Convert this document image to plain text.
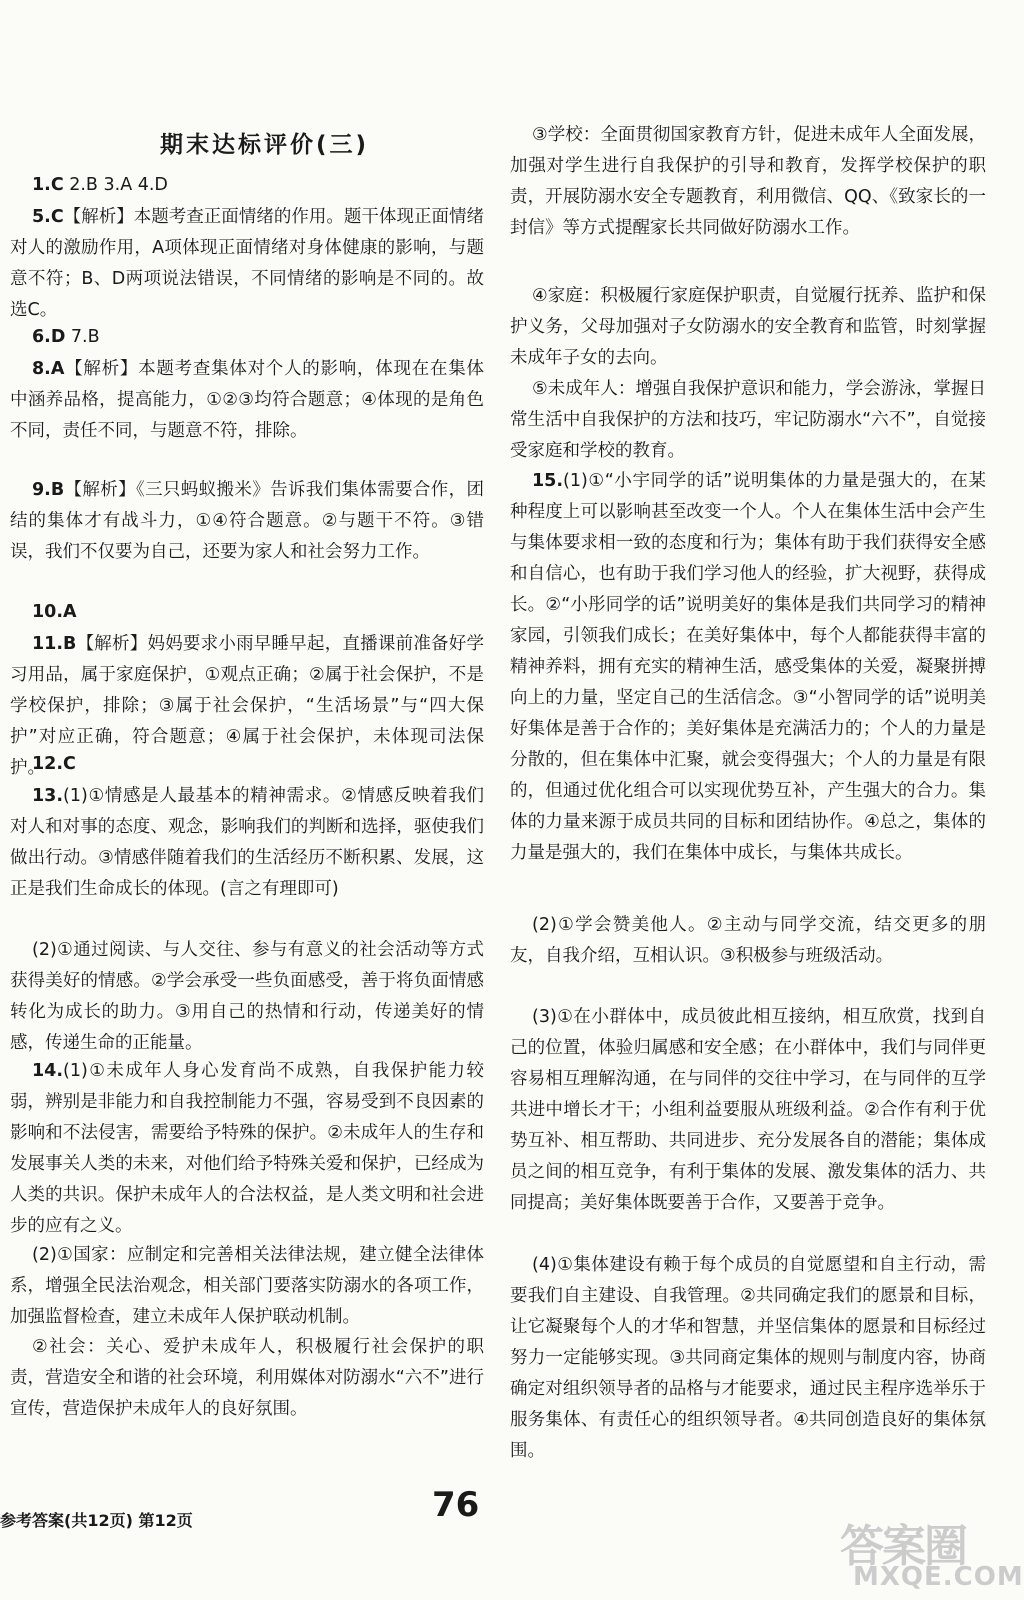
期末达标评价(三)

1.C 2.B 3.A 4.D

5.C【解析】本题考查正面情绪的作用。题干体现正面情绪对人的激励作用，A项体现正面情绪对身体健康的影响，与题意不符；B、D两项说法错误，不同情绪的影响是不同的。故选C。

6.D 7.B

8.A【解析】本题考查集体对个人的影响，体现在在集体中涵养品格，提高能力，①②③均符合题意；④体现的是角色不同，责任不同，与题意不符，排除。

9.B【解析】《三只蚂蚁搬米》告诉我们集体需要合作，团结的集体才有战斗力，①④符合题意。②与题干不符。③错误，我们不仅要为自己，还要为家人和社会努力工作。

10.A

11.B【解析】妈妈要求小雨早睡早起，直播课前准备好学习用品，属于家庭保护，①观点正确；②属于社会保护，不是学校保护，排除；③属于社会保护，“生活场景”与“四大保护”对应正确，符合题意；④属于社会保护，未体现司法保护。

12.C

13.(1)①情感是人最基本的精神需求。②情感反映着我们对人和对事的态度、观念，影响我们的判断和选择，驱使我们做出行动。③情感伴随着我们的生活经历不断积累、发展，这正是我们生命成长的体现。(言之有理即可)

(2)①通过阅读、与人交往、参与有意义的社会活动等方式获得美好的情感。②学会承受一些负面感受，善于将负面情感转化为成长的助力。③用自己的热情和行动，传递美好的情感，传递生命的正能量。

14.(1)①未成年人身心发育尚不成熟，自我保护能力较弱，辨别是非能力和自我控制能力不强，容易受到不良因素的影响和不法侵害，需要给予特殊的保护。②未成年人的生存和发展事关人类的未来，对他们给予特殊关爱和保护，已经成为人类的共识。保护未成年人的合法权益，是人类文明和社会进步的应有之义。

(2)①国家：应制定和完善相关法律法规，建立健全法律体系，增强全民法治观念，相关部门要落实防溺水的各项工作，加强监督检查，建立未成年人保护联动机制。

②社会：关心、爱护未成年人，积极履行社会保护的职责，营造安全和谐的社会环境，利用媒体对防溺水“六不”进行宣传，营造保护未成年人的良好氛围。

③学校：全面贯彻国家教育方针，促进未成年人全面发展，加强对学生进行自我保护的引导和教育，发挥学校保护的职责，开展防溺水安全专题教育，利用微信、QQ、《致家长的一封信》等方式提醒家长共同做好防溺水工作。

④家庭：积极履行家庭保护职责，自觉履行抚养、监护和保护义务，父母加强对子女防溺水的安全教育和监管，时刻掌握未成年子女的去向。

⑤未成年人：增强自我保护意识和能力，学会游泳，掌握日常生活中自我保护的方法和技巧，牢记防溺水“六不”，自觉接受家庭和学校的教育。

15.(1)①“小宇同学的话”说明集体的力量是强大的，在某种程度上可以影响甚至改变一个人。个人在集体生活中会产生与集体要求相一致的态度和行为；集体有助于我们获得安全感和自信心，也有助于我们学习他人的经验，扩大视野，获得成长。②“小彤同学的话”说明美好的集体是我们共同学习的精神家园，引领我们成长；在美好集体中，每个人都能获得丰富的精神养料，拥有充实的精神生活，感受集体的关爱，凝聚拼搏向上的力量，坚定自己的生活信念。③“小智同学的话”说明美好集体是善于合作的；美好集体是充满活力的；个人的力量是分散的，但在集体中汇聚，就会变得强大；个人的力量是有限的，但通过优化组合可以实现优势互补，产生强大的合力。集体的力量来源于成员共同的目标和团结协作。④总之，集体的力量是强大的，我们在集体中成长，与集体共成长。

(2)①学会赞美他人。②主动与同学交流，结交更多的朋友，自我介绍，互相认识。③积极参与班级活动。

(3)①在小群体中，成员彼此相互接纳，相互欣赏，找到自己的位置，体验归属感和安全感；在小群体中，我们与同伴更容易相互理解沟通，在与同伴的交往中学习，在与同伴的互学共进中增长才干；小组利益要服从班级利益。②合作有利于优势互补、相互帮助、共同进步、充分发展各自的潜能；集体成员之间的相互竞争，有利于集体的发展、激发集体的活力、共同提高；美好集体既要善于合作，又要善于竞争。

(4)①集体建设有赖于每个成员的自觉愿望和自主行动，需要我们自主建设、自我管理。②共同确定我们的愿景和目标，让它凝聚每个人的才华和智慧，并坚信集体的愿景和目标经过努力一定能够实现。③共同商定集体的规则与制度内容，协商确定对组织领导者的品格与才能要求，通过民主程序选举乐于服务集体、有责任心的组织领导者。④共同创造良好的集体氛围。

参考答案(共12页) 第12页	76
答案圈
MXQE.COM
